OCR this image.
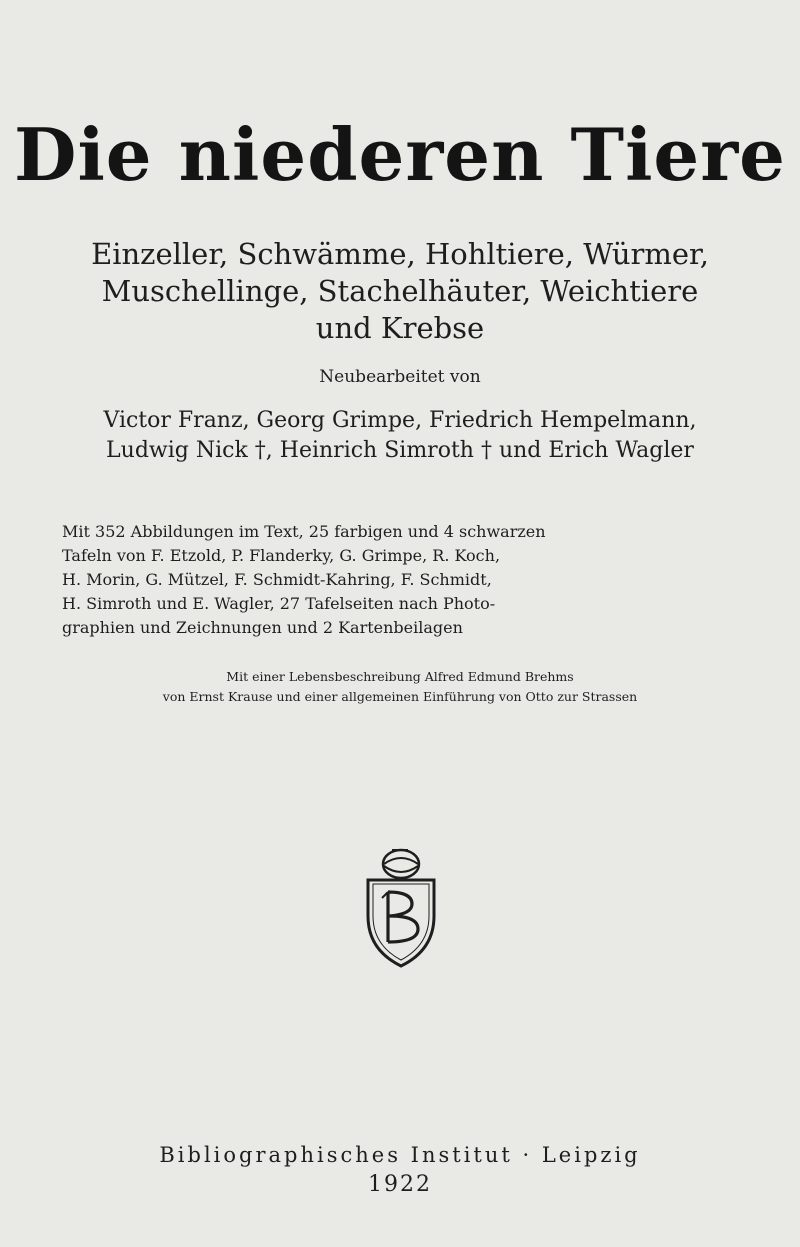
Die niederen Tiere
Einzeller, Schwämme, Hohltiere, Würmer,
Muschellinge, Stachelhäuter, Weichtiere
und Krebse
Neubearbeitet von
Victor Franz, Georg Grimpe, Friedrich Hempelmann,
Ludwig Nick †, Heinrich Simroth † und Erich Wagler
Mit 352 Abbildungen im Text, 25 farbigen und 4 schwarzen
Tafeln von F. Etzold, P. Flanderky, G. Grimpe, R. Koch,
H. Morin, G. Mützel, F. Schmidt-Kahring, F. Schmidt,
H. Simroth und E. Wagler, 27 Tafelseiten nach Photo-
graphien und Zeichnungen und 2 Kartenbeilagen
Mit einer Lebensbeschreibung Alfred Edmund Brehms
von Ernst Krause und einer allgemeinen Einführung von Otto zur Strassen
Bibliographisches Institut · Leipzig
1922
